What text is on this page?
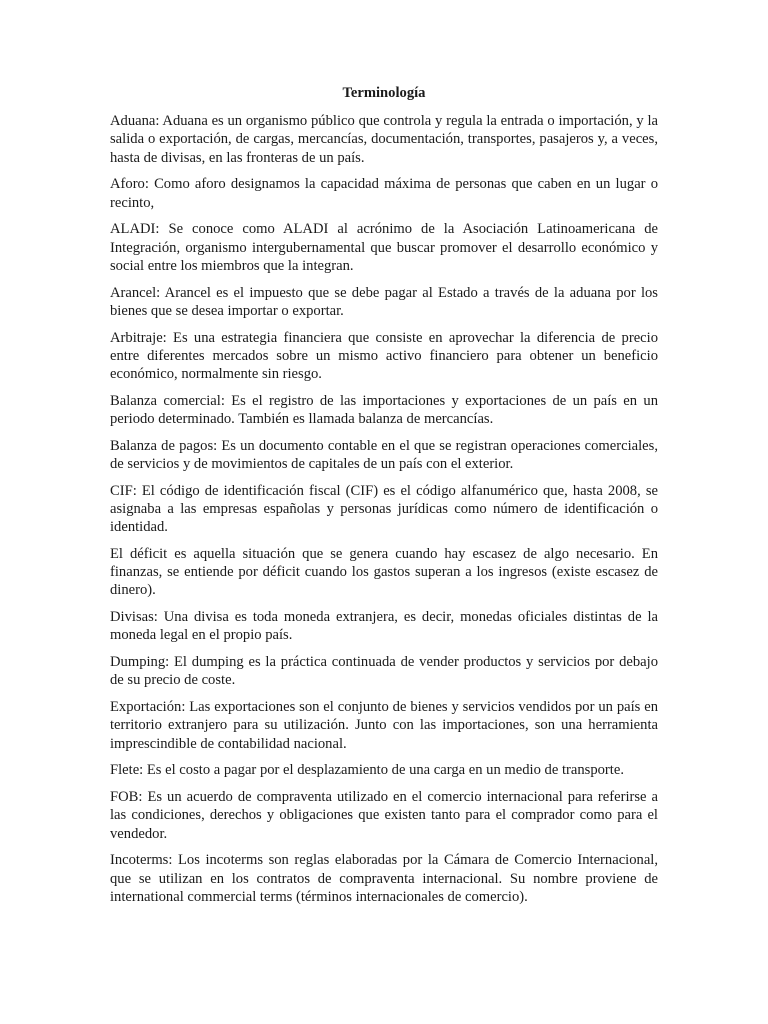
Terminología

Aduana: Aduana es un organismo público que controla y regula la entrada o importación, y la salida o exportación, de cargas, mercancías, documentación, transportes, pasajeros y, a veces, hasta de divisas, en las fronteras de un país.

Aforo: Como aforo designamos la capacidad máxima de personas que caben en un lugar o recinto,

ALADI: Se conoce como ALADI al acrónimo de la Asociación Latinoamericana de Integración, organismo intergubernamental que buscar promover el desarrollo económico y social entre los miembros que la integran.

Arancel: Arancel es el impuesto que se debe pagar al Estado a través de la aduana por los bienes que se desea importar o exportar.

Arbitraje: Es una estrategia financiera que consiste en aprovechar la diferencia de precio entre diferentes mercados sobre un mismo activo financiero para obtener un beneficio económico, normalmente sin riesgo.

Balanza comercial: Es el registro de las importaciones y exportaciones de un país en un periodo determinado. También es llamada balanza de mercancías.

Balanza de pagos: Es un documento contable en el que se registran operaciones comerciales, de servicios y de movimientos de capitales de un país con el exterior.

CIF: El código de identificación fiscal (CIF) es el código alfanumérico que, hasta 2008, se asignaba a las empresas españolas y personas jurídicas como número de identificación o identidad.

El déficit es aquella situación que se genera cuando hay escasez de algo necesario. En finanzas, se entiende por déficit cuando los gastos superan a los ingresos (existe escasez de dinero).

Divisas: Una divisa es toda moneda extranjera, es decir, monedas oficiales distintas de la moneda legal en el propio país.

Dumping: El dumping es la práctica continuada de vender productos y servicios por debajo de su precio de coste.

Exportación: Las exportaciones son el conjunto de bienes y servicios vendidos por un país en territorio extranjero para su utilización. Junto con las importaciones, son una herramienta imprescindible de contabilidad nacional.

Flete: Es el costo a pagar por el desplazamiento de una carga en un medio de transporte.

FOB: Es un acuerdo de compraventa utilizado en el comercio internacional para referirse a las condiciones, derechos y obligaciones que existen tanto para el comprador como para el vendedor.

Incoterms: Los incoterms son reglas elaboradas por la Cámara de Comercio Internacional, que se utilizan en los contratos de compraventa internacional. Su nombre proviene de international commercial terms (términos internacionales de comercio).
